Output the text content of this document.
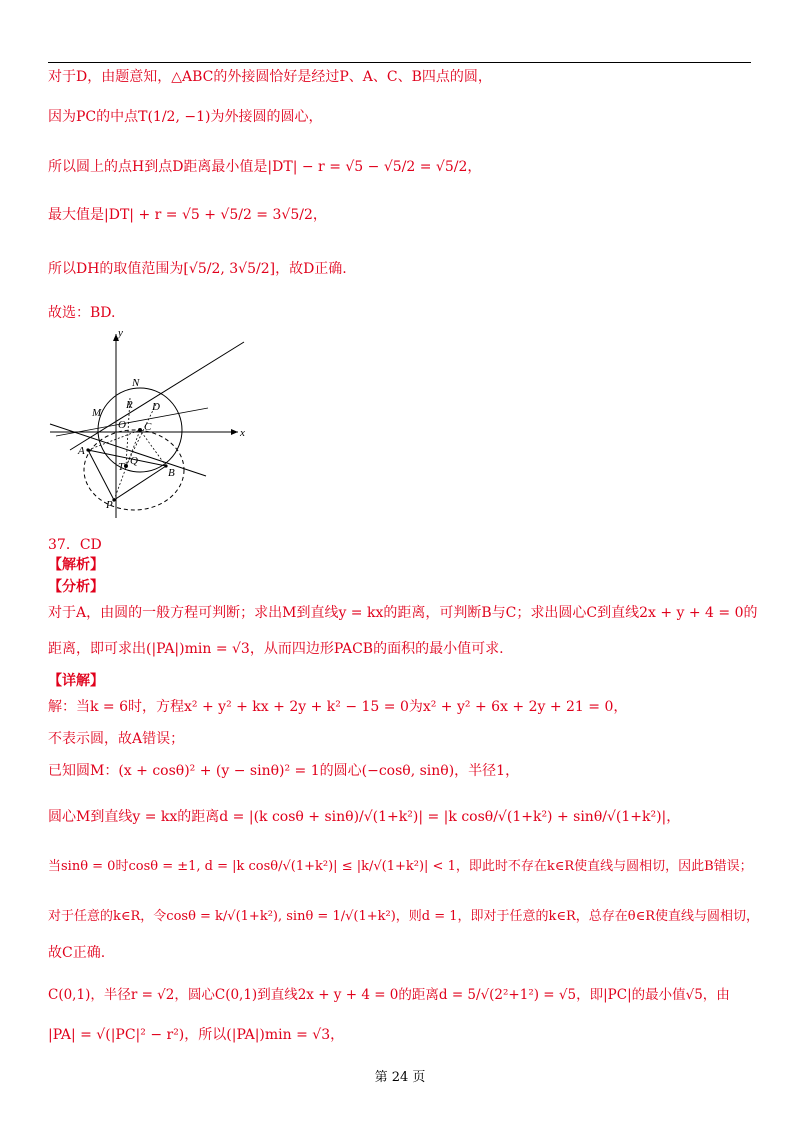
对于D，由题意知，△ABC的外接圆恰好是经过P、A、C、B四点的圆，
因为PC的中点T(1/2, −1)为外接圆的圆心，
所以圆上的点H到点D距离最小值是|DT| − r = √5 − √5/2 = √5/2，
最大值是|DT| + r = √5 + √5/2 = 3√5/2，
所以DH的取值范围为[√5/2, 3√5/2]，故D正确.
故选：BD.
y
x
N
M
R D
O C
A
T Q
B
P
37．CD
【解析】
【分析】
对于A，由圆的一般方程可判断；求出M到直线y = kx的距离，可判断B与C；求出圆心C到直线2x + y + 4 = 0的
距离，即可求出(|PA|)min = √3，从而四边形PACB的面积的最小值可求.
【详解】
解：当k = 6时，方程x² + y² + kx + 2y + k² − 15 = 0为x² + y² + 6x + 2y + 21 = 0，
不表示圆，故A错误；
已知圆M：(x + cosθ)² + (y − sinθ)² = 1的圆心(−cosθ, sinθ)，半径1，
圆心M到直线y = kx的距离d = |(k cosθ + sinθ)/√(1+k²)| = |k cosθ/√(1+k²) + sinθ/√(1+k²)|，
当sinθ = 0时cosθ = ±1, d = |k cosθ/√(1+k²)| ≤ |k/√(1+k²)| < 1，即此时不存在k∈R使直线与圆相切，因此B错误；
对于任意的k∈R，令cosθ = k/√(1+k²), sinθ = 1/√(1+k²)，则d = 1，即对于任意的k∈R，总存在θ∈R使直线与圆相切，
故C正确.
C(0,1)，半径r = √2，圆心C(0,1)到直线2x + y + 4 = 0的距离d = 5/√(2²+1²) = √5，即|PC|的最小值√5，由
|PA| = √(|PC|² − r²)，所以(|PA|)min = √3，
第 24 页
